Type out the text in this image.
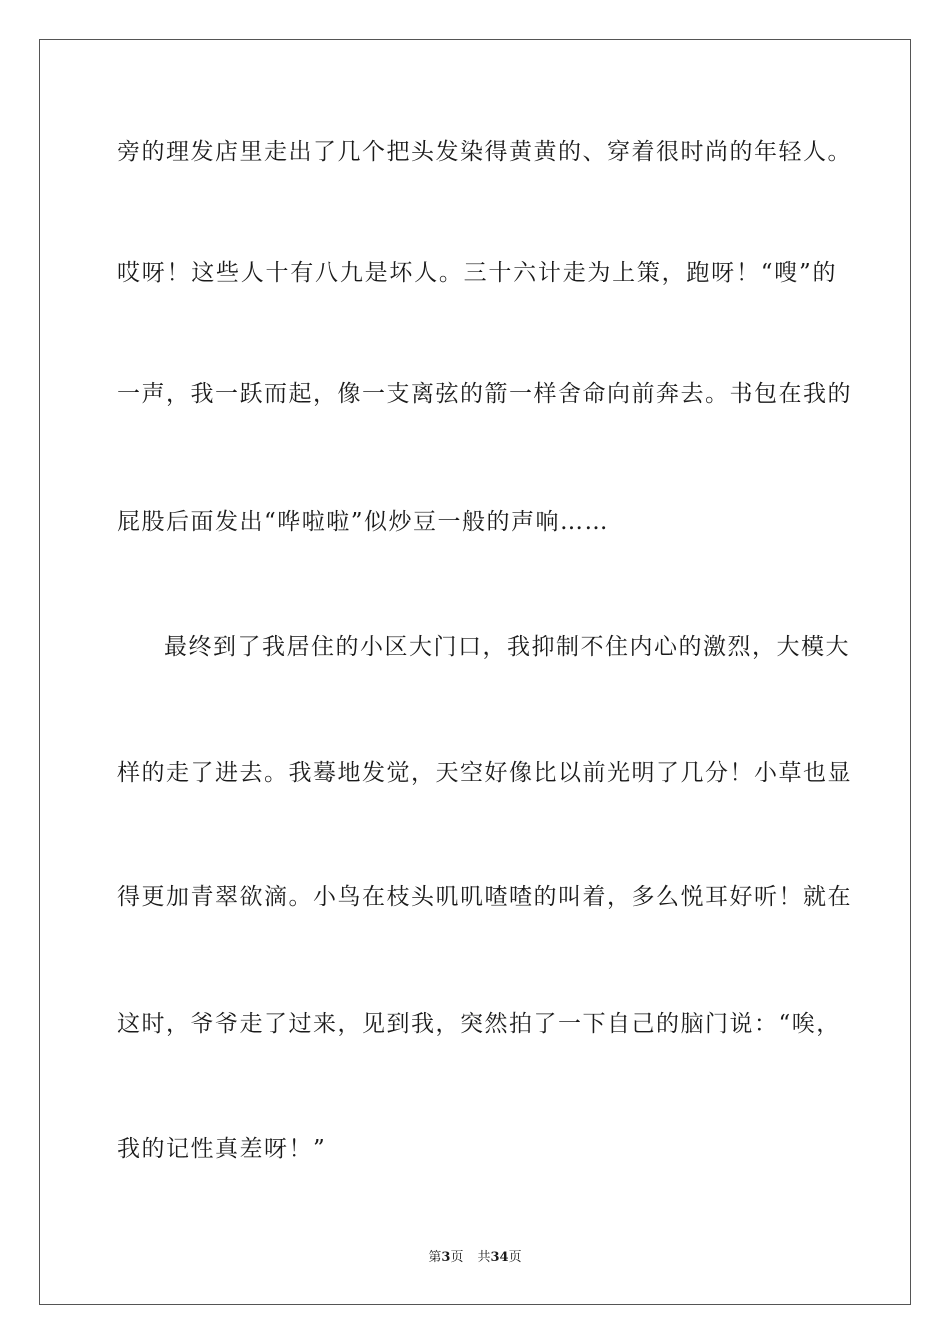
旁的理发店里走出了几个把头发染得黄黄的、穿着很时尚的年轻人。
哎呀！这些人十有八九是坏人。三十六计走为上策，跑呀！“嗖”的
一声，我一跃而起，像一支离弦的箭一样舍命向前奔去。书包在我的
屁股后面发出“哗啦啦”似炒豆一般的声响……
最终到了我居住的小区大门口，我抑制不住内心的激烈，大模大
样的走了进去。我蓦地发觉，天空好像比以前光明了几分！小草也显
得更加青翠欲滴。小鸟在枝头叽叽喳喳的叫着，多么悦耳好听！就在
这时，爷爷走了过来，见到我，突然拍了一下自己的脑门说：“唉，
我的记性真差呀！”
第3页 共34页
